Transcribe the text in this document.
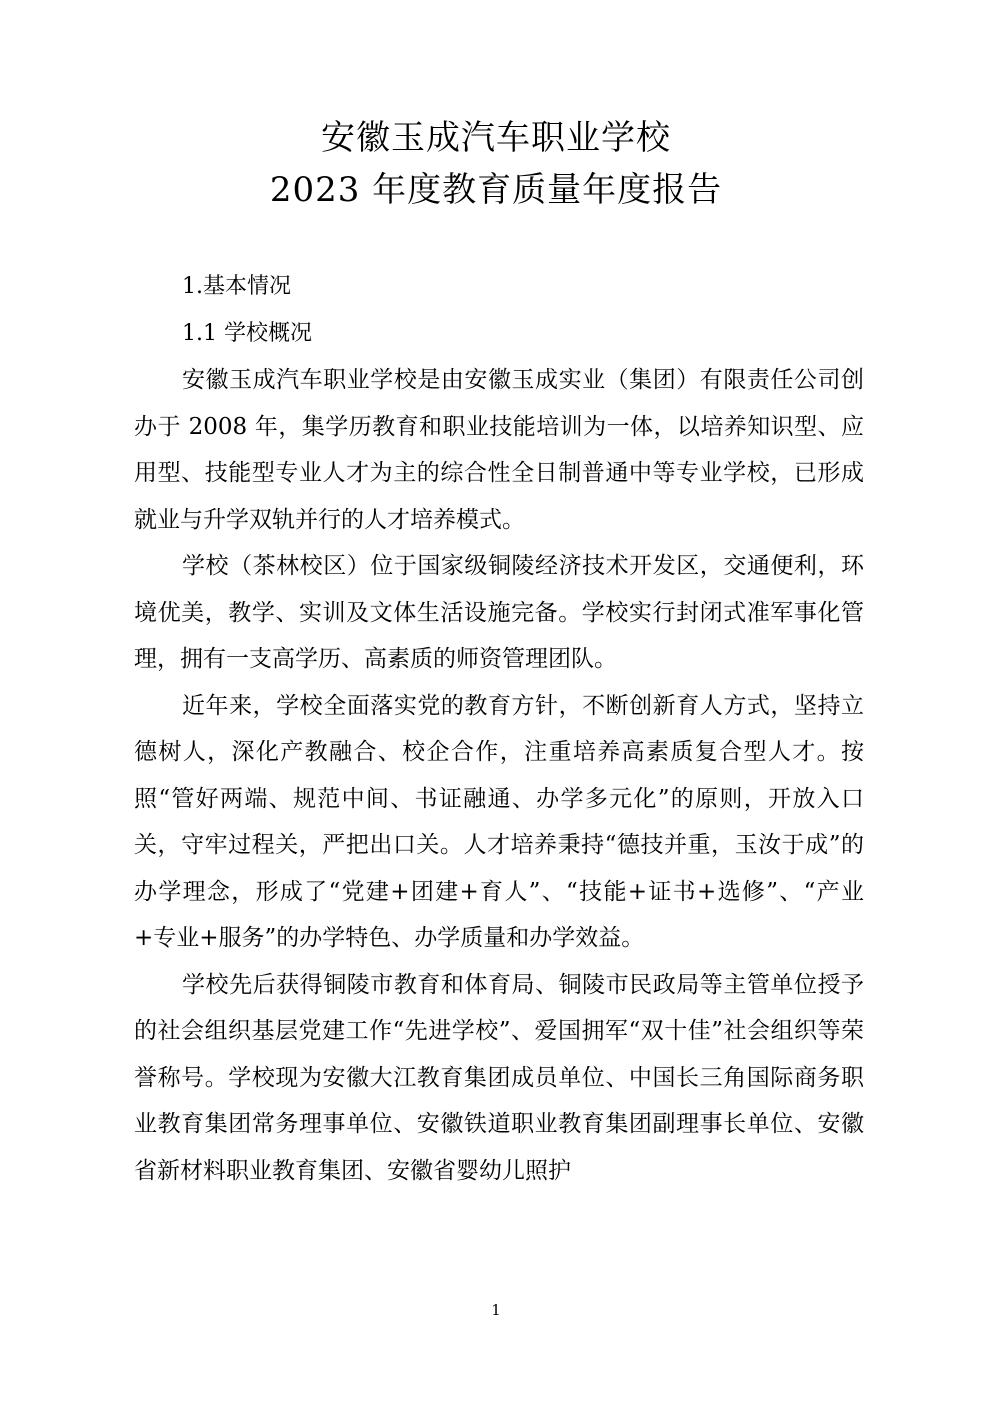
安徽玉成汽车职业学校
2023 年度教育质量年度报告
1.基本情况
1.1 学校概况

安徽玉成汽车职业学校是由安徽玉成实业（集团）有限责任公司创办于 2008 年，集学历教育和职业技能培训为一体，以培养知识型、应用型、技能型专业人才为主的综合性全日制普通中等专业学校，已形成就业与升学双轨并行的人才培养模式。

学校（茶林校区）位于国家级铜陵经济技术开发区，交通便利，环境优美，教学、实训及文体生活设施完备。学校实行封闭式准军事化管理，拥有一支高学历、高素质的师资管理团队。

近年来，学校全面落实党的教育方针，不断创新育人方式，坚持立德树人，深化产教融合、校企合作，注重培养高素质复合型人才。按照“管好两端、规范中间、书证融通、办学多元化”的原则，开放入口关，守牢过程关，严把出口关。人才培养秉持“德技并重，玉汝于成”的办学理念，形成了“党建+团建+育人”、“技能+证书+选修”、“产业+专业+服务”的办学特色、办学质量和办学效益。

学校先后获得铜陵市教育和体育局、铜陵市民政局等主管单位授予的社会组织基层党建工作“先进学校”、爱国拥军“双十佳”社会组织等荣誉称号。学校现为安徽大江教育集团成员单位、中国长三角国际商务职业教育集团常务理事单位、安徽铁道职业教育集团副理事长单位、安徽省新材料职业教育集团、安徽省婴幼儿照护

1
